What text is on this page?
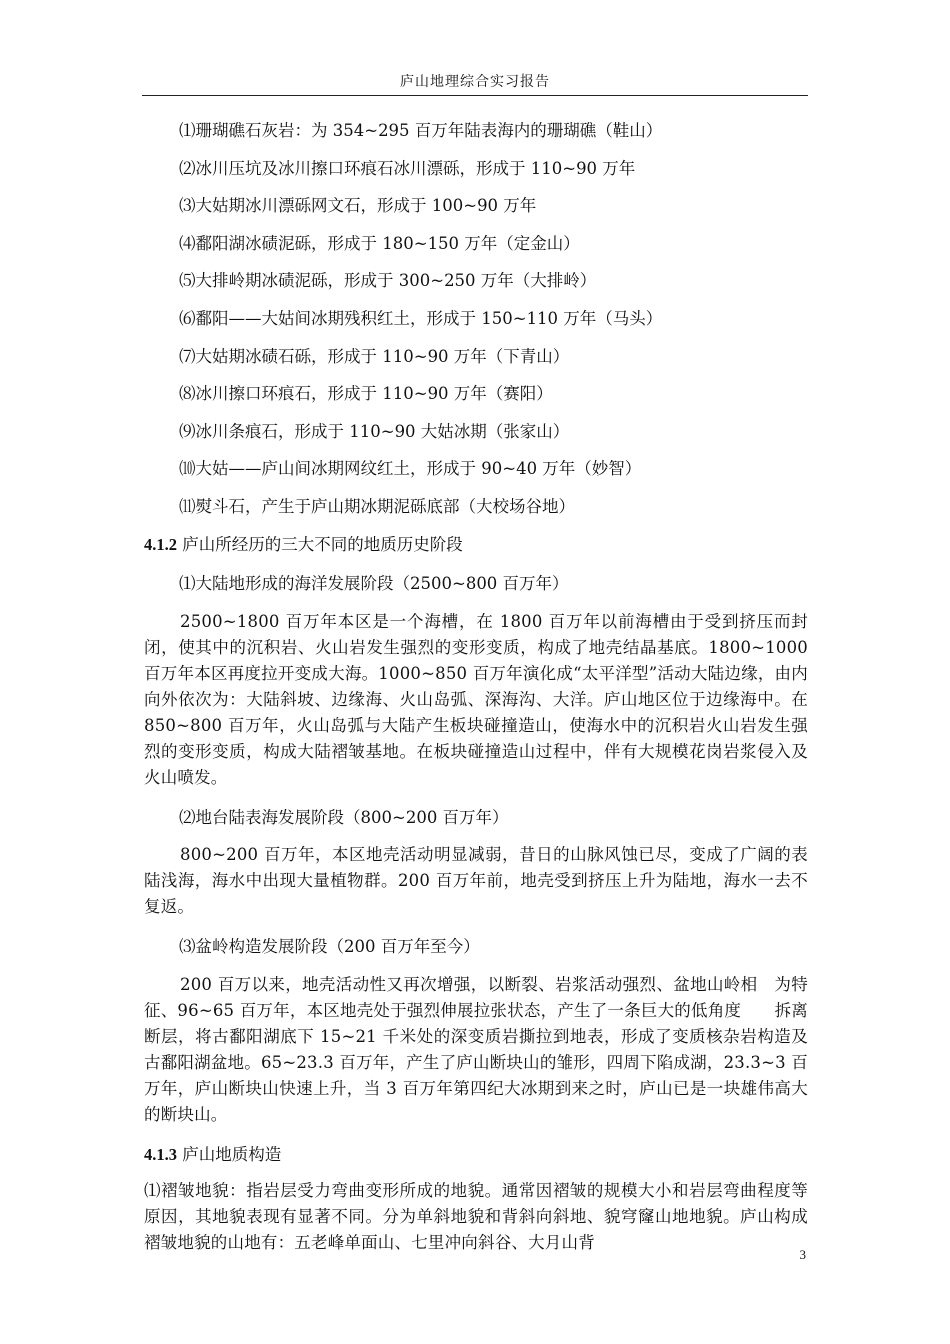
庐山地理综合实习报告
⑴珊瑚礁石灰岩：为 354~295 百万年陆表海内的珊瑚礁（鞋山）
⑵冰川压坑及冰川擦口环痕石冰川漂砾，形成于 110~90 万年
⑶大姑期冰川漂砾网文石，形成于 100~90 万年
⑷鄱阳湖冰碛泥砾，形成于 180~150 万年（定金山）
⑸大排岭期冰碛泥砾，形成于 300~250 万年（大排岭）
⑹鄱阳——大姑间冰期残积红土，形成于 150~110 万年（马头）
⑺大姑期冰碛石砾，形成于 110~90 万年（下青山）
⑻冰川擦口环痕石，形成于 110~90 万年（赛阳）
⑼冰川条痕石，形成于 110~90 大姑冰期（张家山）
⑽大姑——庐山间冰期网纹红土，形成于 90~40 万年（妙智）
⑾熨斗石，产生于庐山期冰期泥砾底部（大校场谷地）
4.1.2 庐山所经历的三大不同的地质历史阶段
⑴大陆地形成的海洋发展阶段（2500~800 百万年）

2500~1800 百万年本区是一个海槽，在 1800 百万年以前海槽由于受到挤压而封闭，使其中的沉积岩、火山岩发生强烈的变形变质，构成了地壳结晶基底。1800~1000 百万年本区再度拉开变成大海。1000~850 百万年演化成“太平洋型”活动大陆边缘，由内向外依次为：大陆斜坡、边缘海、火山岛弧、深海沟、大洋。庐山地区位于边缘海中。在 850~800 百万年，火山岛弧与大陆产生板块碰撞造山，使海水中的沉积岩火山岩发生强烈的变形变质，构成大陆褶皱基地。在板块碰撞造山过程中，伴有大规模花岗岩浆侵入及火山喷发。

⑵地台陆表海发展阶段（800~200 百万年）

800~200 百万年，本区地壳活动明显减弱，昔日的山脉风蚀已尽，变成了广阔的表陆浅海，海水中出现大量植物群。200 百万年前，地壳受到挤压上升为陆地，海水一去不复返。

⑶盆岭构造发展阶段（200 百万年至今）

200 百万以来，地壳活动性又再次增强，以断裂、岩浆活动强烈、盆地山岭相　为特征、96~65 百万年，本区地壳处于强烈伸展拉张状态，产生了一条巨大的低角度　　拆离断层，将古鄱阳湖底下 15~21 千米处的深变质岩撕拉到地表，形成了变质核杂岩构造及古鄱阳湖盆地。65~23.3 百万年，产生了庐山断块山的雏形，四周下陷成湖，23.3~3 百万年，庐山断块山快速上升，当 3 百万年第四纪大冰期到来之时，庐山已是一块雄伟高大的断块山。

4.1.3 庐山地质构造

⑴褶皱地貌：指岩层受力弯曲变形所成的地貌。通常因褶皱的规模大小和岩层弯曲程度等原因，其地貌表现有显著不同。分为单斜地貌和背斜向斜地、貌穹窿山地地貌。庐山构成褶皱地貌的山地有：五老峰单面山、七里冲向斜谷、大月山背

3
